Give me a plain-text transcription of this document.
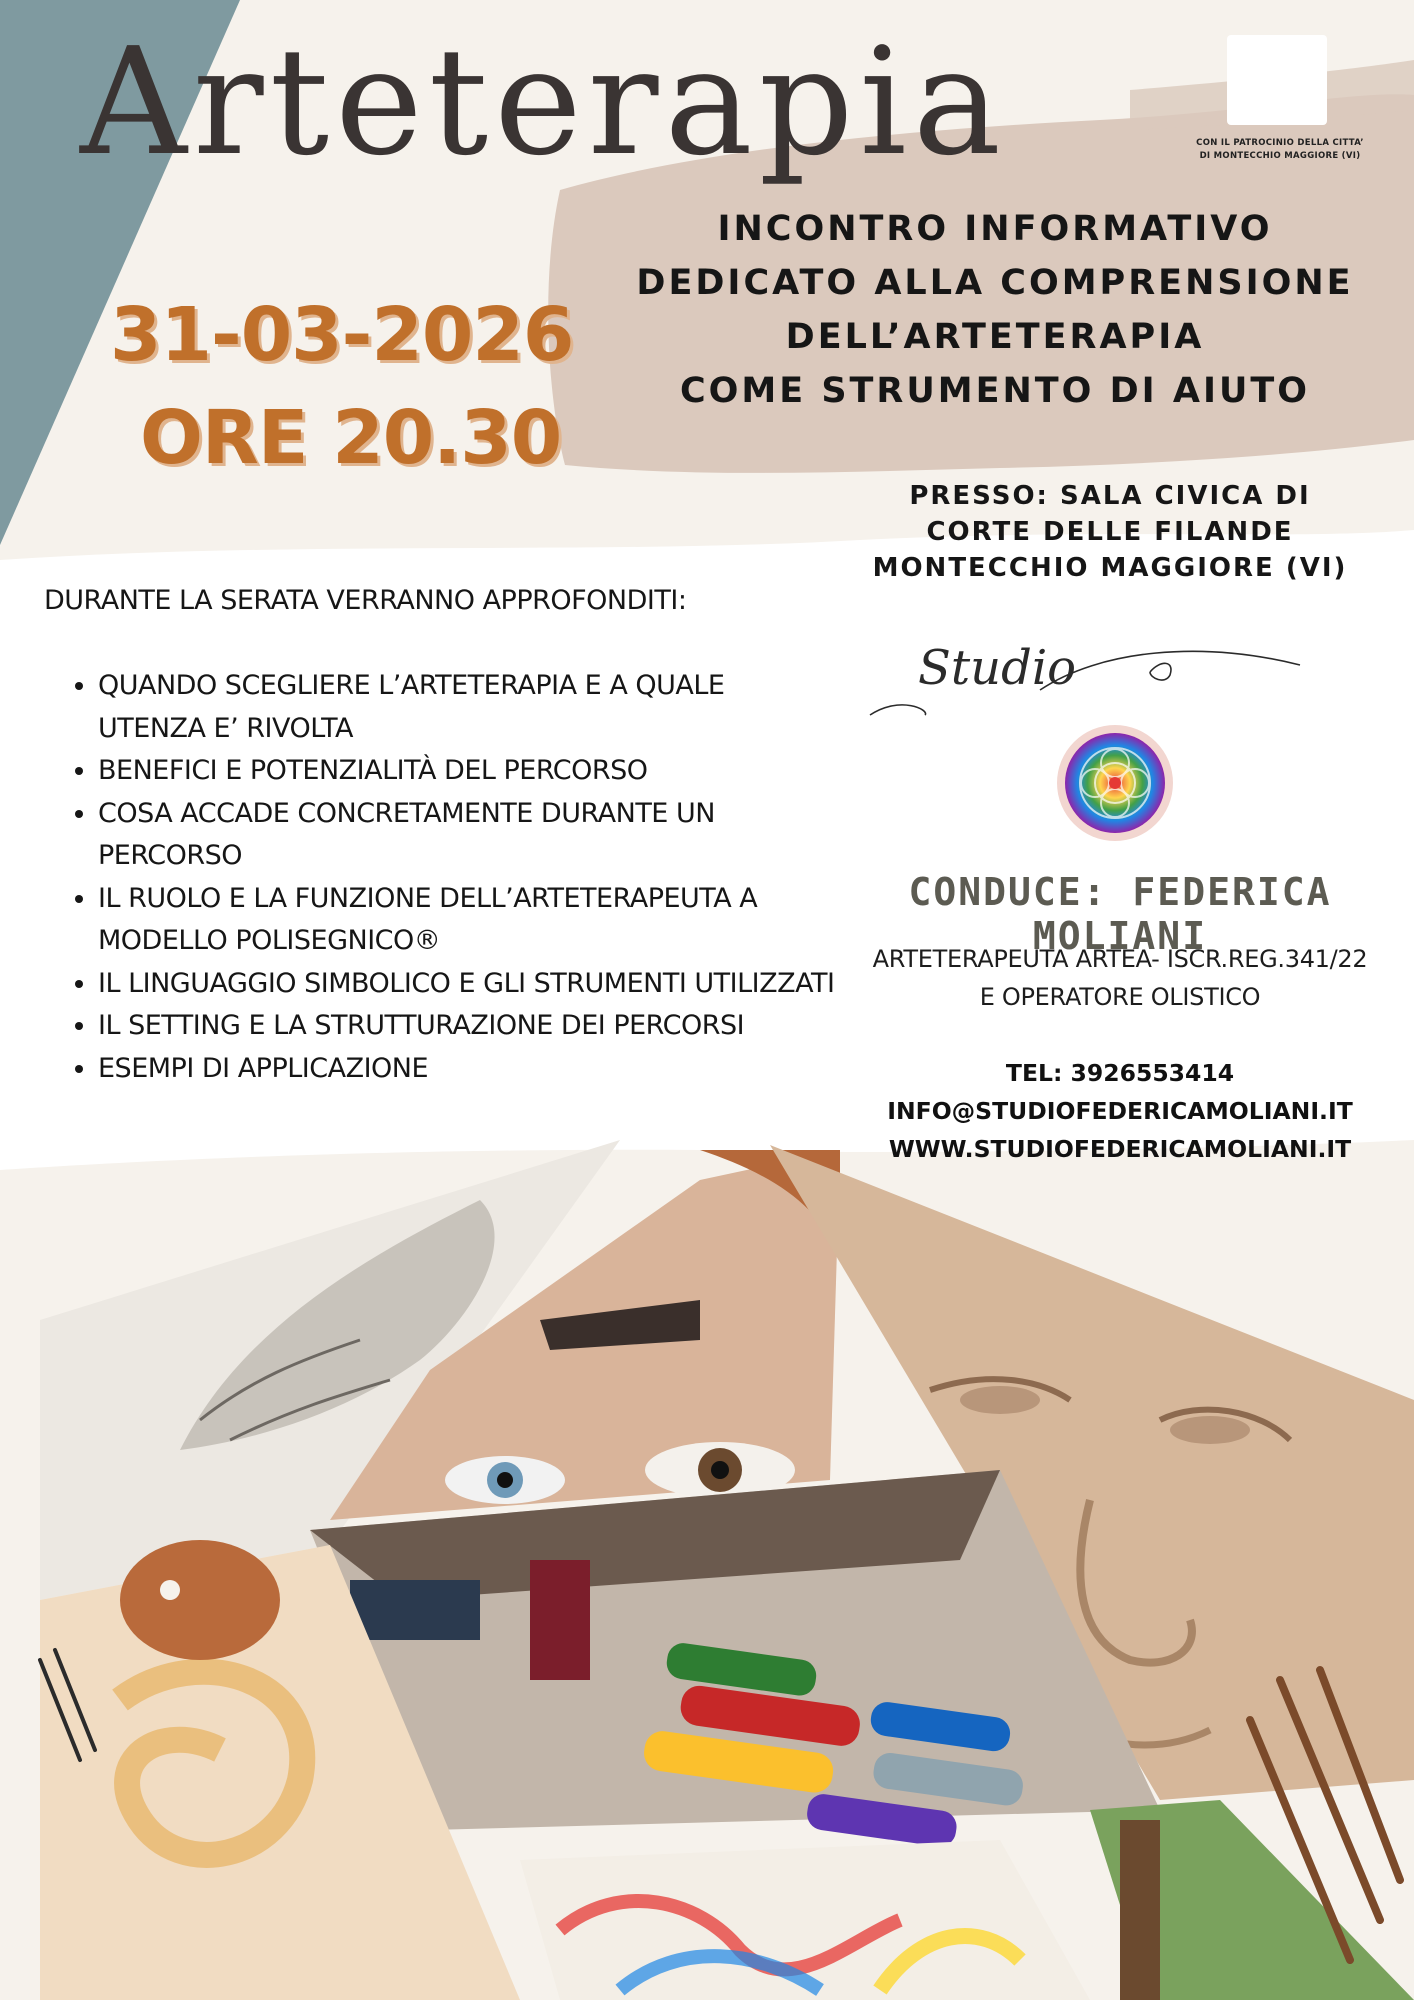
Arteterapia	CON IL PATROCINIO DELLA CITTA’
DI MONTECCHIO MAGGIORE (VI)
INCONTRO INFORMATIVO
DEDICATO ALLA COMPRENSIONE
DELL’ARTETERAPIA
COME STRUMENTO DI AIUTO
31-03-2026
ORE 20.30
PRESSO: SALA CIVICA DI
CORTE DELLE FILANDE
MONTECCHIO MAGGIORE (VI)
DURANTE LA SERATA VERRANNO APPROFONDITI:
• QUANDO SCEGLIERE L’ARTETERAPIA E A QUALE UTENZA E’ RIVOLTA
• BENEFICI E POTENZIALITÀ DEL PERCORSO
• COSA ACCADE CONCRETAMENTE DURANTE UN PERCORSO
• IL RUOLO E LA FUNZIONE DELL’ARTETERAPEUTA A MODELLO POLISEGNICO®
• IL LINGUAGGIO SIMBOLICO E GLI STRUMENTI UTILIZZATI
• IL SETTING E LA STRUTTURAZIONE DEI PERCORSI
• ESEMPI DI APPLICAZIONE
Studio
CONDUCE: FEDERICA MOLIANI
ARTETERAPEUTA ARTEA- ISCR.REG.341/22
E OPERATORE OLISTICO
TEL: 3926553414
INFO@STUDIOFEDERICAMOLIANI.IT
WWW.STUDIOFEDERICAMOLIANI.IT
